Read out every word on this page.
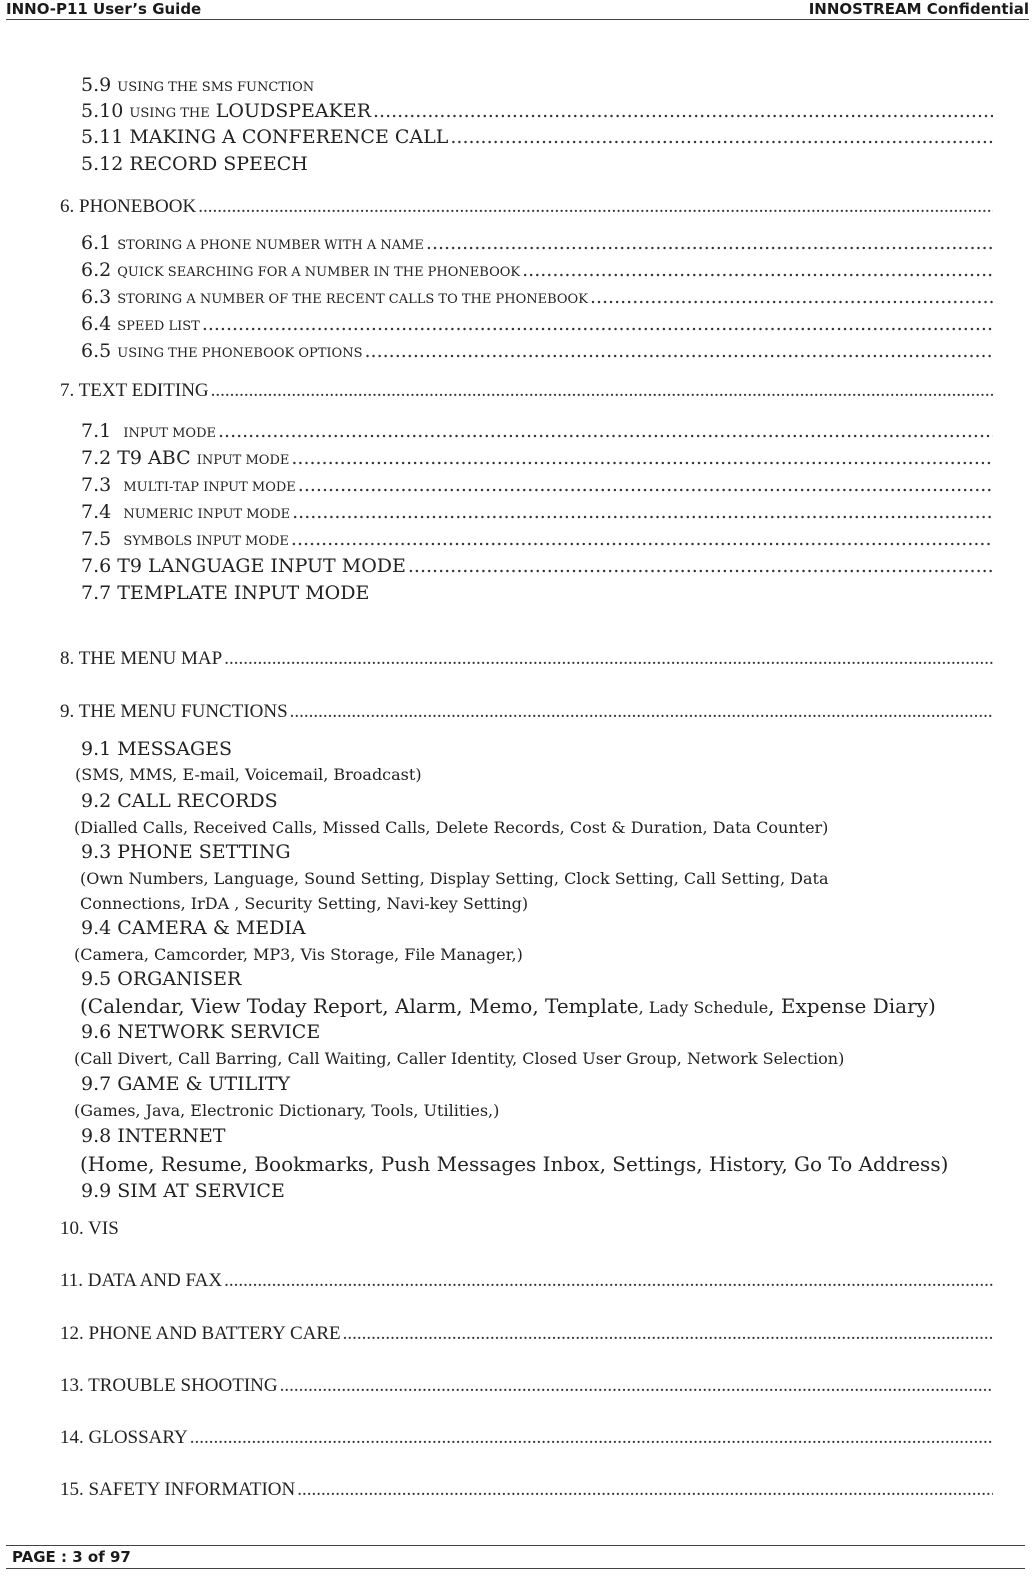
INNO-P11 User’s Guide	INNOSTREAM Confidential
5.9 USING THE SMS FUNCTION
5.10 USING THE LOUDSPEAKER
.....
5.11 MAKING A CONFERENCE CALL
.....
5.12 RECORD SPEECH
6. PHONEBOOK
.....
6.1 STORING A PHONE NUMBER WITH A NAME
.....
6.2 QUICK SEARCHING FOR A NUMBER IN THE PHONEBOOK
.....
6.3 STORING A NUMBER OF THE RECENT CALLS TO THE PHONEBOOK
.....
6.4 SPEED LIST
.....
6.5 USING THE PHONEBOOK OPTIONS
.....
7. TEXT EDITING
.....
7.1 INPUT MODE
.....
7.2 T9 ABC INPUT MODE
.....
7.3 MULTI-TAP INPUT MODE
.....
7.4 NUMERIC INPUT MODE
.....
7.5 SYMBOLS INPUT MODE
.....
7.6 T9 LANGUAGE INPUT MODE
.....
7.7 TEMPLATE INPUT MODE
8. THE MENU MAP
.....
9. THE MENU FUNCTIONS
.....
9.1 MESSAGES
(SMS, MMS, E-mail, Voicemail, Broadcast)
9.2 CALL RECORDS
(Dialled Calls, Received Calls, Missed Calls, Delete Records, Cost & Duration, Data Counter)
9.3 PHONE SETTING
(Own Numbers, Language, Sound Setting, Display Setting, Clock Setting, Call Setting, Data
Connections, IrDA , Security Setting, Navi-key Setting)
9.4 CAMERA & MEDIA
(Camera, Camcorder, MP3, Vis Storage, File Manager,)
9.5 ORGANISER
(Calendar, View Today Report, Alarm, Memo, Template, Lady Schedule, Expense Diary)
9.6 NETWORK SERVICE
(Call Divert, Call Barring, Call Waiting, Caller Identity, Closed User Group, Network Selection)
9.7 GAME & UTILITY
(Games, Java, Electronic Dictionary, Tools, Utilities,)
9.8 INTERNET
(Home, Resume, Bookmarks, Push Messages Inbox, Settings, History, Go To Address)
9.9 SIM AT SERVICE
10. VIS
11. DATA AND FAX
.....
12. PHONE AND BATTERY CARE
.....
13. TROUBLE SHOOTING
.....
14. GLOSSARY
.....
15. SAFETY INFORMATION
.....
PAGE : 3 of 97
